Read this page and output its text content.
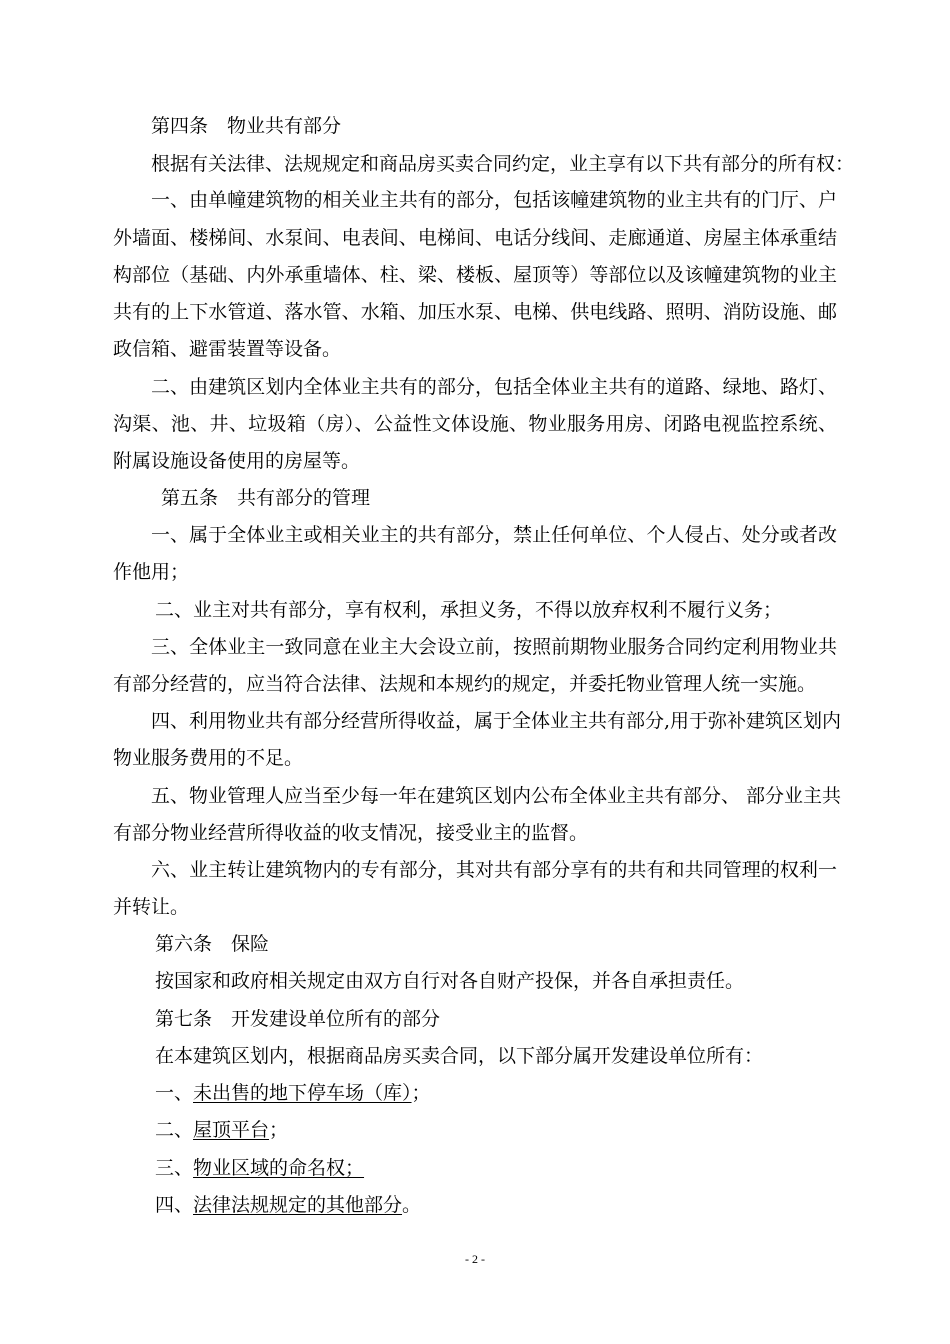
第四条　物业共有部分
根据有关法律、法规规定和商品房买卖合同约定，业主享有以下共有部分的所有权：
一、由单幢建筑物的相关业主共有的部分，包括该幢建筑物的业主共有的门厅、户
外墙面、楼梯间、水泵间、电表间、电梯间、电话分线间、走廊通道、房屋主体承重结
构部位（基础、内外承重墙体、柱、梁、楼板、屋顶等）等部位以及该幢建筑物的业主
共有的上下水管道、落水管、水箱、加压水泵、电梯、供电线路、照明、消防设施、邮
政信箱、避雷装置等设备。
二、由建筑区划内全体业主共有的部分，包括全体业主共有的道路、绿地、路灯、
沟渠、池、井、垃圾箱（房）、公益性文体设施、物业服务用房、闭路电视监控系统、
附属设施设备使用的房屋等。
第五条　共有部分的管理
一、属于全体业主或相关业主的共有部分，禁止任何单位、个人侵占、处分或者改
作他用；
二、业主对共有部分，享有权利，承担义务，不得以放弃权利不履行义务；
三、全体业主一致同意在业主大会设立前，按照前期物业服务合同约定利用物业共
有部分经营的，应当符合法律、法规和本规约的规定，并委托物业管理人统一实施。
四、利用物业共有部分经营所得收益，属于全体业主共有部分,用于弥补建筑区划内
物业服务费用的不足。
五、物业管理人应当至少每一年在建筑区划内公布全体业主共有部分、 部分业主共
有部分物业经营所得收益的收支情况，接受业主的监督。
六、业主转让建筑物内的专有部分，其对共有部分享有的共有和共同管理的权利一
并转让。
第六条　保险
按国家和政府相关规定由双方自行对各自财产投保，并各自承担责任。
第七条　开发建设单位所有的部分
在本建筑区划内，根据商品房买卖合同，以下部分属开发建设单位所有：
一、未出售的地下停车场（库）；
二、屋顶平台；
三、物业区域的命名权；
四、法律法规规定的其他部分。
- 2 -
